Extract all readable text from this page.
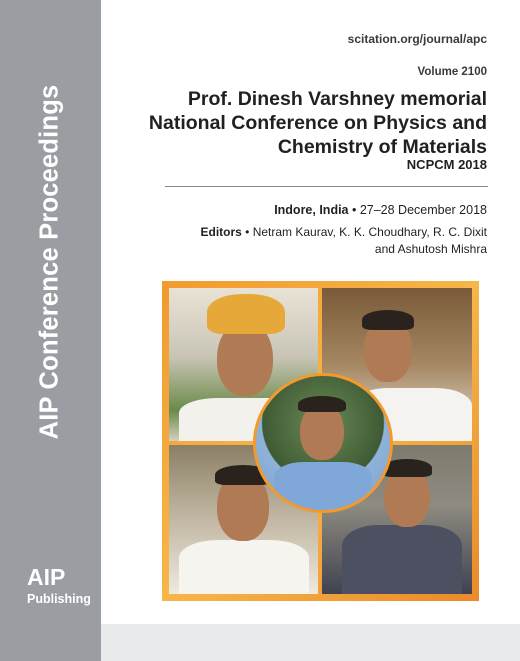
AIP Conference Proceedings
AIP
Publishing
scitation.org/journal/apc
Volume 2100
Prof. Dinesh Varshney memorial National Conference on Physics and Chemistry of Materials
NCPCM 2018
Indore, India • 27–28 December 2018
Editors • Netram Kaurav, K. K. Choudhary, R. C. Dixit and Ashutosh Mishra
